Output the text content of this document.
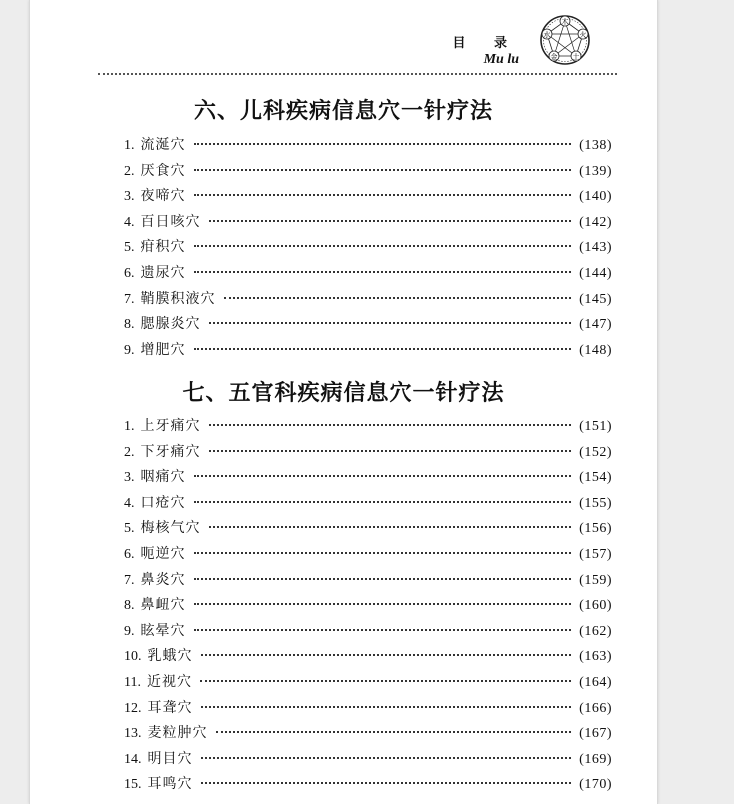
目 录
Mu lu
木
火
土
金
水
六、儿科疾病信息穴一针疗法
1. 流涎穴	(138)
2. 厌食穴	(139)
3. 夜啼穴	(140)
4. 百日咳穴	(142)
5. 疳积穴	(143)
6. 遗尿穴	(144)
7. 鞘膜积液穴	(145)
8. 腮腺炎穴	(147)
9. 增肥穴	(148)
七、五官科疾病信息穴一针疗法
1. 上牙痛穴	(151)
2. 下牙痛穴	(152)
3. 咽痛穴	(154)
4. 口疮穴	(155)
5. 梅核气穴	(156)
6. 呃逆穴	(157)
7. 鼻炎穴	(159)
8. 鼻衄穴	(160)
9. 眩晕穴	(162)
10. 乳蛾穴	(163)
11. 近视穴	(164)
12. 耳聋穴	(166)
13. 麦粒肿穴	(167)
14. 明目穴	(169)
15. 耳鸣穴	(170)
